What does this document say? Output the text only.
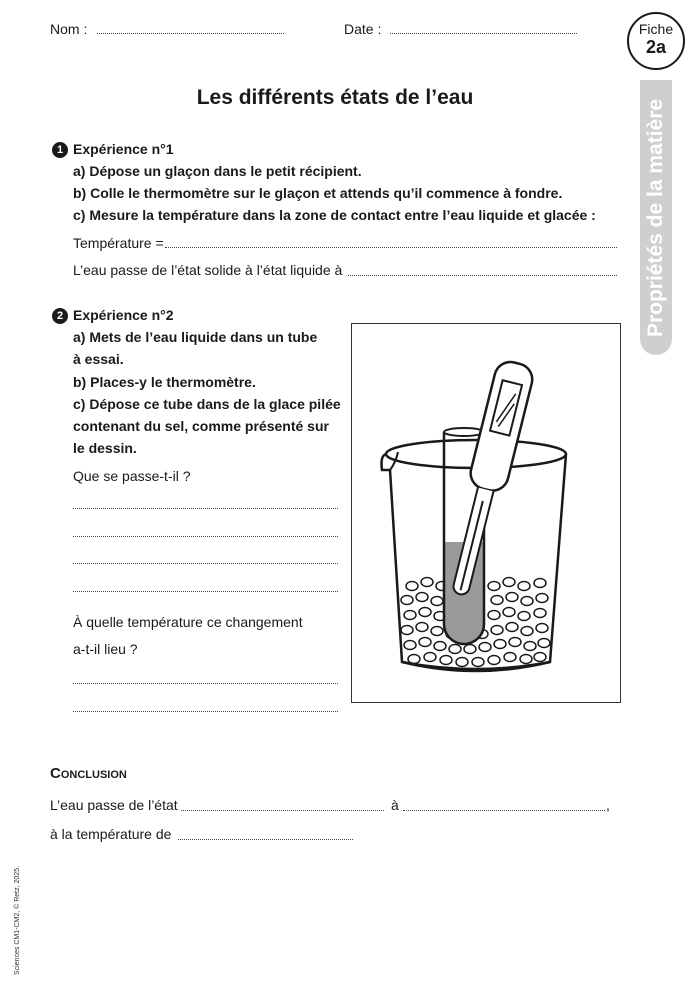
Nom :	Date :	Fiche
2a
Propriétés de la matière
Les différents états de l’eau
1 Expérience n°1
a) Dépose un glaçon dans le petit récipient.
b) Colle le thermomètre sur le glaçon et attends qu’il commence à fondre.
c) Mesure la température dans la zone de contact entre l’eau liquide et glacée :
Température =
L’eau passe de l’état solide à l’état liquide à
2 Expérience n°2
a) Mets de l’eau liquide dans un tube
à essai.
b) Places-y le thermomètre.
c) Dépose ce tube dans de la glace pilée
contenant du sel, comme présenté sur
le dessin.
Que se passe-t-il ?
À quelle température ce changement
a-t-il lieu ?
Conclusion
L’eau passe de l’état	à	,
à la température de
Sciences CM1-CM2, © Retz, 2025.
